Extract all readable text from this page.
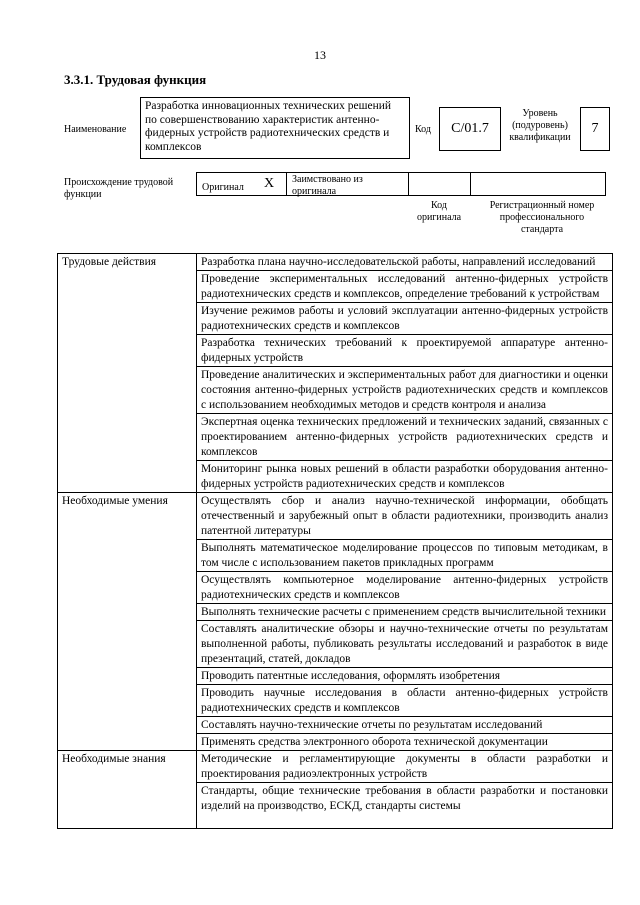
13
3.3.1. Трудовая функция
Наименование
Разработка инновационных технических решений по совершенствованию характеристик антенно-фидерных устройств радиотехнических средств и комплексов
Код	C/01.7
Уровень (подуровень) квалификации
7
Происхождение трудовой функции
Оригинал X Заимствовано из оригинала
Код оригинала
Регистрационный номер профессионального стандарта
Трудовые действия	Разработка плана научно-исследовательской работы, направлений исследований
	Проведение экспериментальных исследований антенно-фидерных устройств радиотехнических средств и комплексов, определение требований к устройствам
	Изучение режимов работы и условий эксплуатации антенно-фидерных устройств радиотехнических средств и комплексов
	Разработка технических требований к проектируемой аппаратуре антенно-фидерных устройств
	Проведение аналитических и экспериментальных работ для диагностики и оценки состояния антенно-фидерных устройств радиотехнических средств и комплексов с использованием необходимых методов и средств контроля и анализа
	Экспертная оценка технических предложений и технических заданий, связанных с проектированием антенно-фидерных устройств радиотехнических средств и комплексов
	Мониторинг рынка новых решений в области разработки оборудования антенно-фидерных устройств радиотехнических средств и комплексов
Необходимые умения	Осуществлять сбор и анализ научно-технической информации, обобщать отечественный и зарубежный опыт в области радиотехники, производить анализ патентной литературы
	Выполнять математическое моделирование процессов по типовым методикам, в том числе с использованием пакетов прикладных программ
	Осуществлять компьютерное моделирование антенно-фидерных устройств радиотехнических средств и комплексов
	Выполнять технические расчеты с применением средств вычислительной техники
	Составлять аналитические обзоры и научно-технические отчеты по результатам выполненной работы, публиковать результаты исследований и разработок в виде презентаций, статей, докладов
	Проводить патентные исследования, оформлять изобретения
	Проводить научные исследования в области антенно-фидерных устройств радиотехнических средств и комплексов
	Составлять научно-технические отчеты по результатам исследований
	Применять средства электронного оборота технической документации
Необходимые знания	Методические и регламентирующие документы в области разработки и проектирования радиоэлектронных устройств

	Стандарты, общие технические требования в области разработки и постановки изделий на производство, ЕСКД, стандарты системы
